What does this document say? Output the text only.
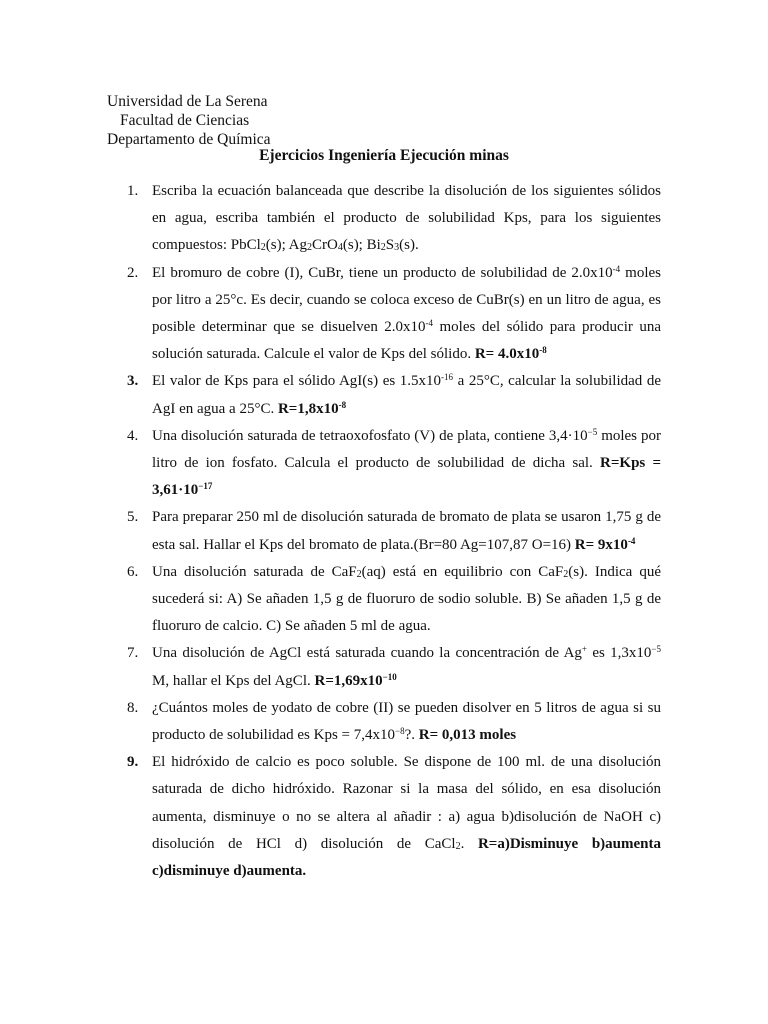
Universidad de La Serena
Facultad de Ciencias
Departamento de Química
Ejercicios Ingeniería Ejecución minas
1. Escriba la ecuación balanceada que describe la disolución de los siguientes sólidos en agua, escriba también el producto de solubilidad Kps, para los siguientes compuestos: PbCl$_2$(s); $Ag_2CrO_4(s)$; $Bi_2S_3(s)$.
2. El bromuro de cobre (I), CuBr, tiene un producto de solubilidad de $2.0x10^{-4}$ moles por litro a 25°c. Es decir, cuando se coloca exceso de CuBr(s) en un litro de agua, es posible determinar que se disuelven $2.0x10^{-4}$ moles del sólido para producir una solución saturada. Calcule el valor de Kps del sólido. $R= 4.0x10^{-8}$
3. El valor de Kps para el sólido AgI(s) es $1.5x10^{-16}$ a 25°C, calcular la solubilidad de AgI en agua a 25°C. $R=1,8x10^{-8}$
4. Una disolución saturada de tetraoxofosfato (V) de plata, contiene $3,4\cdot 10^{-5}$ moles por litro de ion fosfato. Calcula el producto de solubilidad de dicha sal. $R=Kps = 3,61\cdot 10^{-17}$
5. Para preparar 250 ml de disolución saturada de bromato de plata se usaron 1,75 g de esta sal. Hallar el Kps del bromato de plata.(Br=80 Ag=107,87 O=16) $R= 9x10^{-4}$
6. Una disolución saturada de CaF$_2$(aq) está en equilibrio con CaF$_2$(s). Indica qué sucederá si: A) Se añaden 1,5 g de fluoruro de sodio soluble. B) Se añaden 1,5 g de fluoruro de calcio. C) Se añaden 5 ml de agua.
7. Una disolución de AgCl está saturada cuando la concentración de Ag+ es $1,3x10^{-5}$ M, hallar el Kps del AgCl. $R=1,69x10^{-10}$
8. ¿Cuántos moles de yodato de cobre (II) se pueden disolver en 5 litros de agua si su producto de solubilidad es Kps = $7,4x10^{-8}$?. R= 0,013 moles
9. El hidróxido de calcio es poco soluble. Se dispone de 100 ml. de una disolución saturada de dicho hidróxido. Razonar si la masa del sólido, en esa disolución aumenta, disminuye o no se altera al añadir : a) agua b)disolución de NaOH c) disolución de HCl d) disolución de CaCl$_2$. R=a)Disminuye b)aumenta c)disminuye d)aumenta.
